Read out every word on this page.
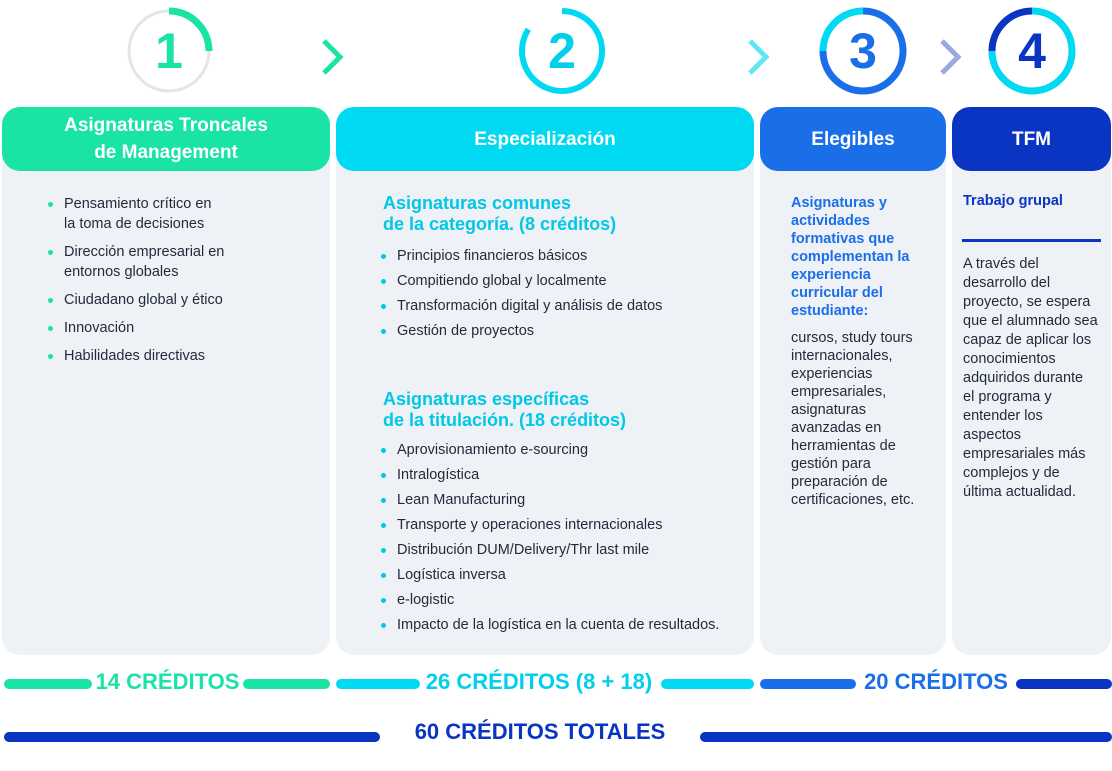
1	2	3	4
Asignaturas Troncales
de Management
Pensamiento crítico en
la toma de decisiones
Dirección empresarial en
entornos globales
Ciudadano global y ético
Innovación
Habilidades directivas
Especialización
Asignaturas comunes
de la categoría. (8 créditos)
Principios financieros básicos
Compitiendo global y localmente
Transformación digital y análisis de datos
Gestión de proyectos
Asignaturas específicas
de la titulación. (18 créditos)
Aprovisionamiento e-sourcing
Intralogística
Lean Manufacturing
Transporte y operaciones internacionales
Distribución DUM/Delivery/Thr last mile
Logística inversa
e-logistic
Impacto de la logística en la cuenta de resultados.
Elegibles
Asignaturas y actividades formativas que complementan la experiencia curricular del estudiante:
cursos, study tours internacionales, experiencias empresariales, asignaturas avanzadas en herramientas de gestión para preparación de certificaciones, etc.
TFM
Trabajo grupal
A través del desarrollo del proyecto, se espera que el alumnado sea capaz de aplicar los conocimientos adquiridos durante el programa y entender los aspectos empresariales más complejos y de última actualidad.
14 CRÉDITOS	26 CRÉDITOS (8 + 18)	20 CRÉDITOS
60 CRÉDITOS TOTALES
